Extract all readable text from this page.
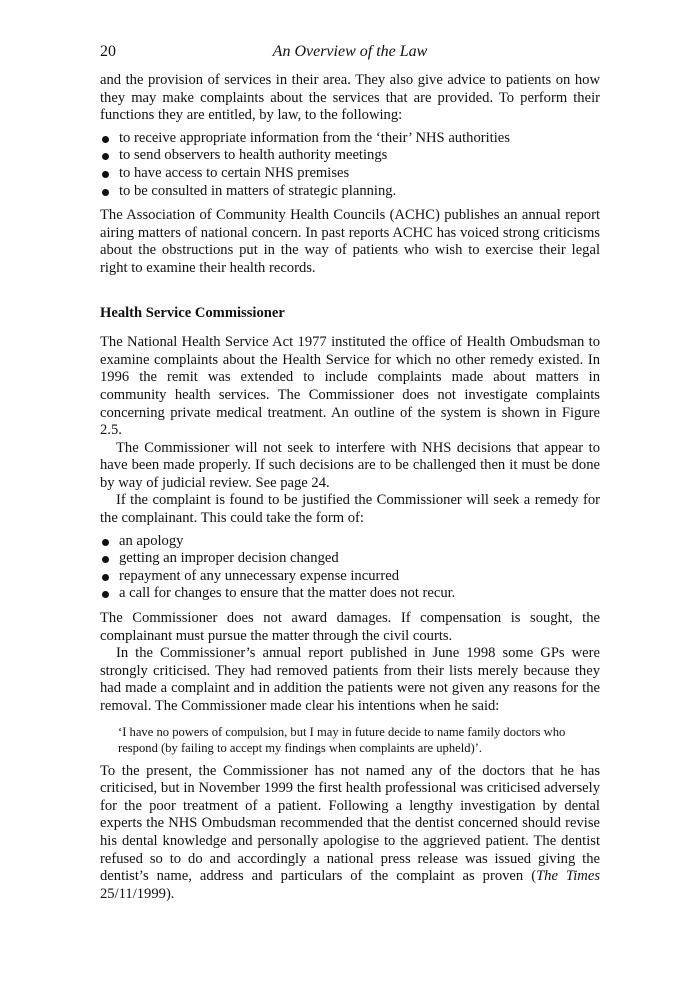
20	An Overview of the Law

and the provision of services in their area. They also give advice to patients on how they may make complaints about the services that are provided. To perform their functions they are entitled, by law, to the following:

to receive appropriate information from the ‘their’ NHS authorities
to send observers to health authority meetings
to have access to certain NHS premises
to be consulted in matters of strategic planning.

The Association of Community Health Councils (ACHC) publishes an annual report airing matters of national concern. In past reports ACHC has voiced strong criticisms about the obstructions put in the way of patients who wish to exercise their legal right to examine their health records.

Health Service Commissioner

The National Health Service Act 1977 instituted the office of Health Ombudsman to examine complaints about the Health Service for which no other remedy existed. In 1996 the remit was extended to include complaints made about matters in community health services. The Commissioner does not investigate complaints concerning private medical treatment. An outline of the system is shown in Figure 2.5.

The Commissioner will not seek to interfere with NHS decisions that appear to have been made properly. If such decisions are to be challenged then it must be done by way of judicial review. See page 24.

If the complaint is found to be justified the Commissioner will seek a remedy for the complainant. This could take the form of:

an apology
getting an improper decision changed
repayment of any unnecessary expense incurred
a call for changes to ensure that the matter does not recur.

The Commissioner does not award damages. If compensation is sought, the complainant must pursue the matter through the civil courts.

In the Commissioner’s annual report published in June 1998 some GPs were strongly criticised. They had removed patients from their lists merely because they had made a complaint and in addition the patients were not given any reasons for the removal. The Commissioner made clear his intentions when he said:

‘I have no powers of compulsion, but I may in future decide to name family doctors who respond (by failing to accept my findings when complaints are upheld)’.

To the present, the Commissioner has not named any of the doctors that he has criticised, but in November 1999 the first health professional was criticised adversely for the poor treatment of a patient. Following a lengthy investigation by dental experts the NHS Ombudsman recommended that the dentist concerned should revise his dental knowledge and personally apologise to the aggrieved patient. The dentist refused so to do and accordingly a national press release was issued giving the dentist’s name, address and particulars of the complaint as proven (The Times 25/11/1999).
